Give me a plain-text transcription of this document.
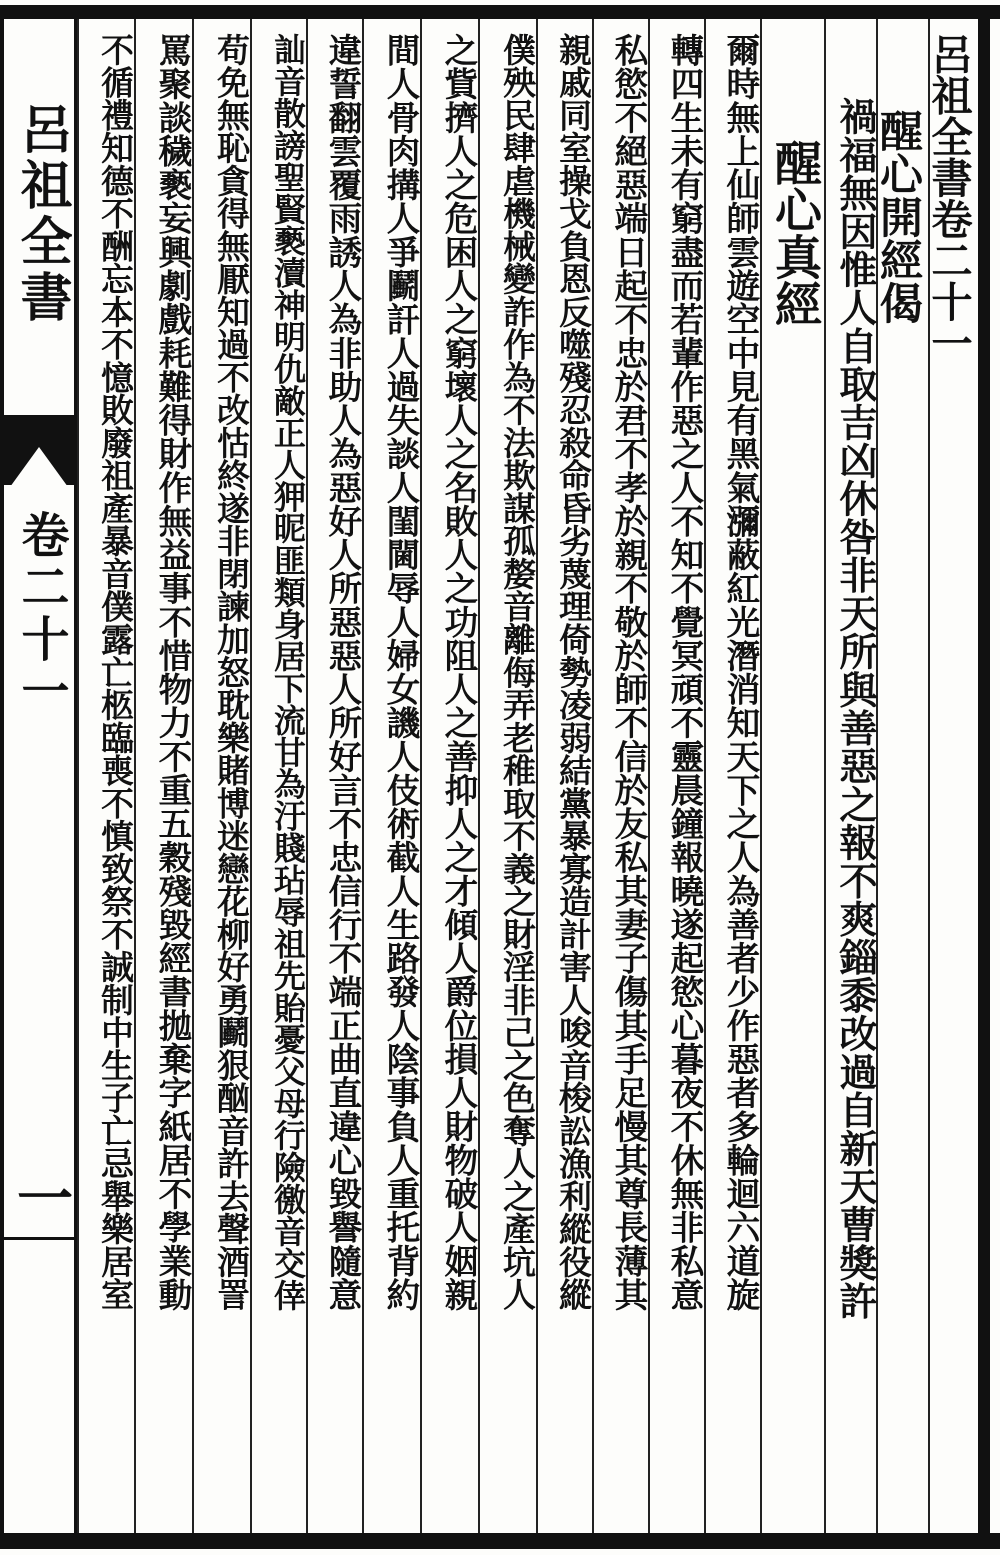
呂祖全書
卷二十一
一
呂祖全書卷二十一
醒心開經偈
禍福無因惟人自取吉凶休咎非天所與善惡之報不爽錙黍改過自新天曹獎許
醒心真經
爾時無上仙師雲遊空中見有黑氣瀰蔽紅光潛消知天下之人為善者少作惡者多輪迴六道旋
轉四生未有窮盡而若輩作惡之人不知不覺冥頑不靈晨鐘報曉遂起慾心暮夜不休無非私意
私慾不絕惡端日起不忠於君不孝於親不敬於師不信於友私其妻子傷其手足慢其尊長薄其
親戚同室操戈負恩反噬殘忍殺命昏劣蔑理倚勢凌弱結黨暴寡造計害人唆音梭訟漁利縱役縱
僕殃民肆虐機械變詐作為不法欺謀孤嫠音離侮弄老稚取不義之財淫非己之色奪人之產坑人
之貲擠人之危困人之窮壞人之名敗人之功阻人之善抑人之才傾人爵位損人財物破人姻親
間人骨肉搆人爭鬬訐人過失談人閨閫辱人婦女譏人伎術截人生路發人陰事負人重托背約
違誓翻雲覆雨誘人為非助人為惡好人所惡惡人所好言不忠信行不端正曲直違心毀譽隨意
訕音散謗聖賢褻瀆神明仇敵正人狎昵匪類身居下流甘為汙賤玷辱祖先貽憂父母行險徼音交倖
苟免無恥貪得無厭知過不改怙終遂非閉諫加怒耽樂賭博迷戀花柳好勇鬬狠酗音許去聲酒詈
罵聚談穢褻妄興劇戲耗難得財作無益事不惜物力不重五穀殘毀經書拋棄字紙居不學業動
不循禮知德不酬忘本不憶敗廢祖產暴音僕露亡柩臨喪不慎致祭不誠制中生子亡忌舉樂居室
